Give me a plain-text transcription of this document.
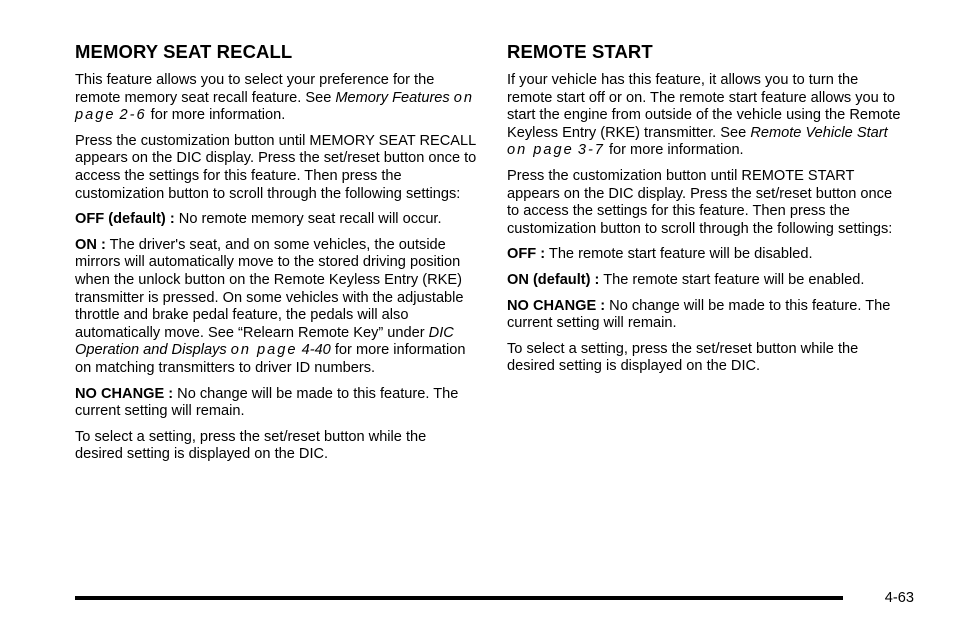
MEMORY SEAT RECALL

This feature allows you to select your preference for the remote memory seat recall feature. See Memory Features on page 2-6 for more information.

Press the customization button until MEMORY SEAT RECALL appears on the DIC display. Press the set/reset button once to access the settings for this feature. Then press the customization button to scroll through the following settings:

OFF (default) : No remote memory seat recall will occur.

ON : The driver's seat, and on some vehicles, the outside mirrors will automatically move to the stored driving position when the unlock button on the Remote Keyless Entry (RKE) transmitter is pressed. On some vehicles with the adjustable throttle and brake pedal feature, the pedals will also automatically move. See “Relearn Remote Key” under DIC Operation and Displays on page 4-40 for more information on matching transmitters to driver ID numbers.

NO CHANGE : No change will be made to this feature. The current setting will remain.

To select a setting, press the set/reset button while the desired setting is displayed on the DIC.

REMOTE START

If your vehicle has this feature, it allows you to turn the remote start off or on. The remote start feature allows you to start the engine from outside of the vehicle using the Remote Keyless Entry (RKE) transmitter. See Remote Vehicle Start on page 3-7 for more information.

Press the customization button until REMOTE START appears on the DIC display. Press the set/reset button once to access the settings for this feature. Then press the customization button to scroll through the following settings:

OFF : The remote start feature will be disabled.

ON (default) : The remote start feature will be enabled.

NO CHANGE : No change will be made to this feature. The current setting will remain.

To select a setting, press the set/reset button while the desired setting is displayed on the DIC.

4-63
